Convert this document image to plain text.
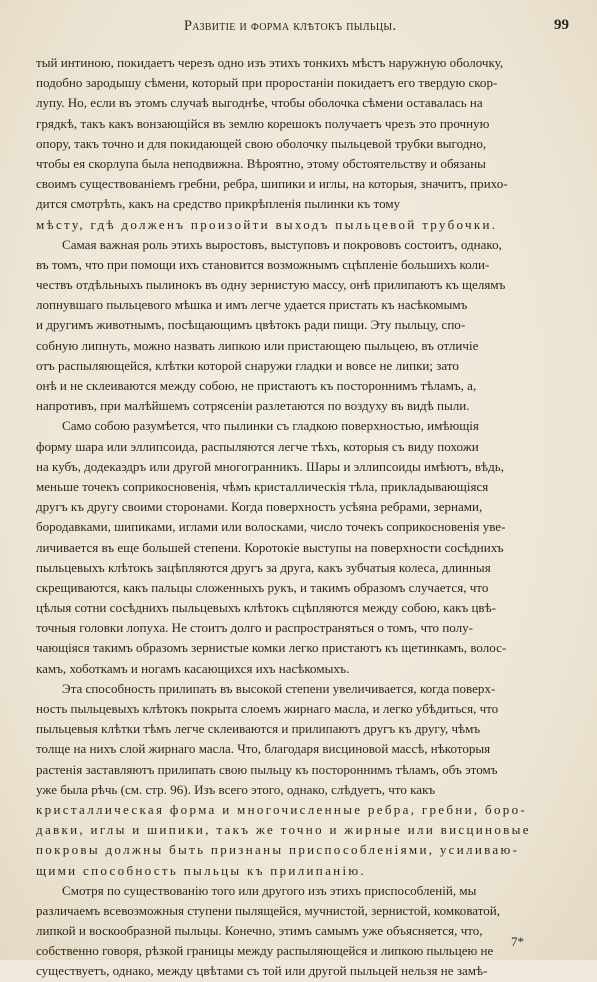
Развитіе и форма клѣтокъ пыльцы.	99
тый интиною, покидаетъ черезъ одно изъ этихъ тонкихъ мѣстъ наружную оболочку,
подобно зародышу сѣмени, который при проростаніи покидаетъ его твердую скор-
лупу. Но, если въ этомъ случаѣ выгоднѣе, чтобы оболочка сѣмени оставалась на
грядкѣ, такъ какъ вонзающійся въ землю корешокъ получаетъ чрезъ это прочную
опору, такъ точно и для покидающей свою оболочку пыльцевой трубки выгодно,
чтобы ея скорлупа была неподвижна. Вѣроятно, этому обстоятельству и обязаны
своимъ существованіемъ гребни, ребра, шипики и иглы, на которыя, значитъ, прихо-
дится смотрѣть, какъ на средство прикрѣпленія пылинки къ тому
мѣсту, гдѣ долженъ произойти выходъ пыльцевой трубочки.
Самая важная роль этихъ выростовъ, выступовъ и покрововъ состоитъ, однако,
въ томъ, что при помощи ихъ становится возможнымъ сцѣпленіе большихъ коли-
чествъ отдѣльныхъ пылинокъ въ одну зернистую массу, онѣ прилипаютъ къ щелямъ
лопнувшаго пыльцевого мѣшка и имъ легче удается пристать къ насѣкомымъ
и другимъ животнымъ, посѣщающимъ цвѣтокъ ради пищи. Эту пыльцу, спо-
собную липнуть, можно назвать липкою или пристающею пыльцею, въ отличіе
отъ распыляющейся, клѣтки которой снаружи гладки и вовсе не липки; зато
онѣ и не склеиваются между собою, не пристаютъ къ постороннимъ тѣламъ, а,
напротивъ, при малѣйшемъ сотрясеніи разлетаются по воздуху въ видѣ пыли.
Само собою разумѣется, что пылинки съ гладкою поверхностью, имѣющія
форму шара или эллипсоида, распыляются легче тѣхъ, которыя съ виду похожи
на кубъ, додекаэдръ или другой многогранникъ. Шары и эллипсоиды имѣютъ, вѣдь,
меньше точекъ соприкосновенія, чѣмъ кристаллическія тѣла, прикладывающіяся
другъ къ другу своими сторонами. Когда поверхность усѣяна ребрами, зернами,
бородавками, шипиками, иглами или волосками, число точекъ соприкосновенія уве-
личивается въ еще большей степени. Коротокіе выступы на поверхности сосѣднихъ
пыльцевыхъ клѣтокъ зацѣпляются другъ за друга, какъ зубчатыя колеса, длинныя
скрещиваются, какъ пальцы сложенныхъ рукъ, и такимъ образомъ случается, что
цѣлыя сотни сосѣднихъ пыльцевыхъ клѣтокъ сцѣпляются между собою, какъ цвѣ-
точныя головки лопуха. Не стоитъ долго и распространяться о томъ, что полу-
чающіяся такимъ образомъ зернистые комки легко пристаютъ къ щетинкамъ, волос-
камъ, хоботкамъ и ногамъ касающихся ихъ насѣкомыхъ.
Эта способность прилипать въ высокой степени увеличивается, когда поверх-
ность пыльцевыхъ клѣтокъ покрыта слоемъ жирнаго масла, и легко убѣдиться, что
пыльцевыя клѣтки тѣмъ легче склеиваются и прилипаютъ другъ къ другу, чѣмъ
толще на нихъ слой жирнаго масла. Что, благодаря висциновой массѣ, нѣкоторыя
растенія заставляютъ прилипать свою пыльцу къ постороннимъ тѣламъ, объ этомъ
уже была рѣчь (см. стр. 96). Изъ всего этого, однако, слѣдуетъ, что какъ
кристаллическая форма и многочисленные ребра, гребни, боро-
давки, иглы и шипики, такъ же точно и жирные или висциновые
покровы должны быть признаны приспособленіями, усиливаю-
щими способность пыльцы къ прилипанію.
Смотря по существованію того или другого изъ этихъ приспособленій, мы
различаемъ всевозможныя ступени пылящейся, мучнистой, зернистой, комковатой,
липкой и воскообразной пыльцы. Конечно, этимъ самымъ уже объясняется, что,
собственно говоря, рѣзкой границы между распыляющейся и липкою пыльцею не
существуетъ, однако, между цвѣтами съ той или другой пыльцей нельзя не замѣ-
7*
